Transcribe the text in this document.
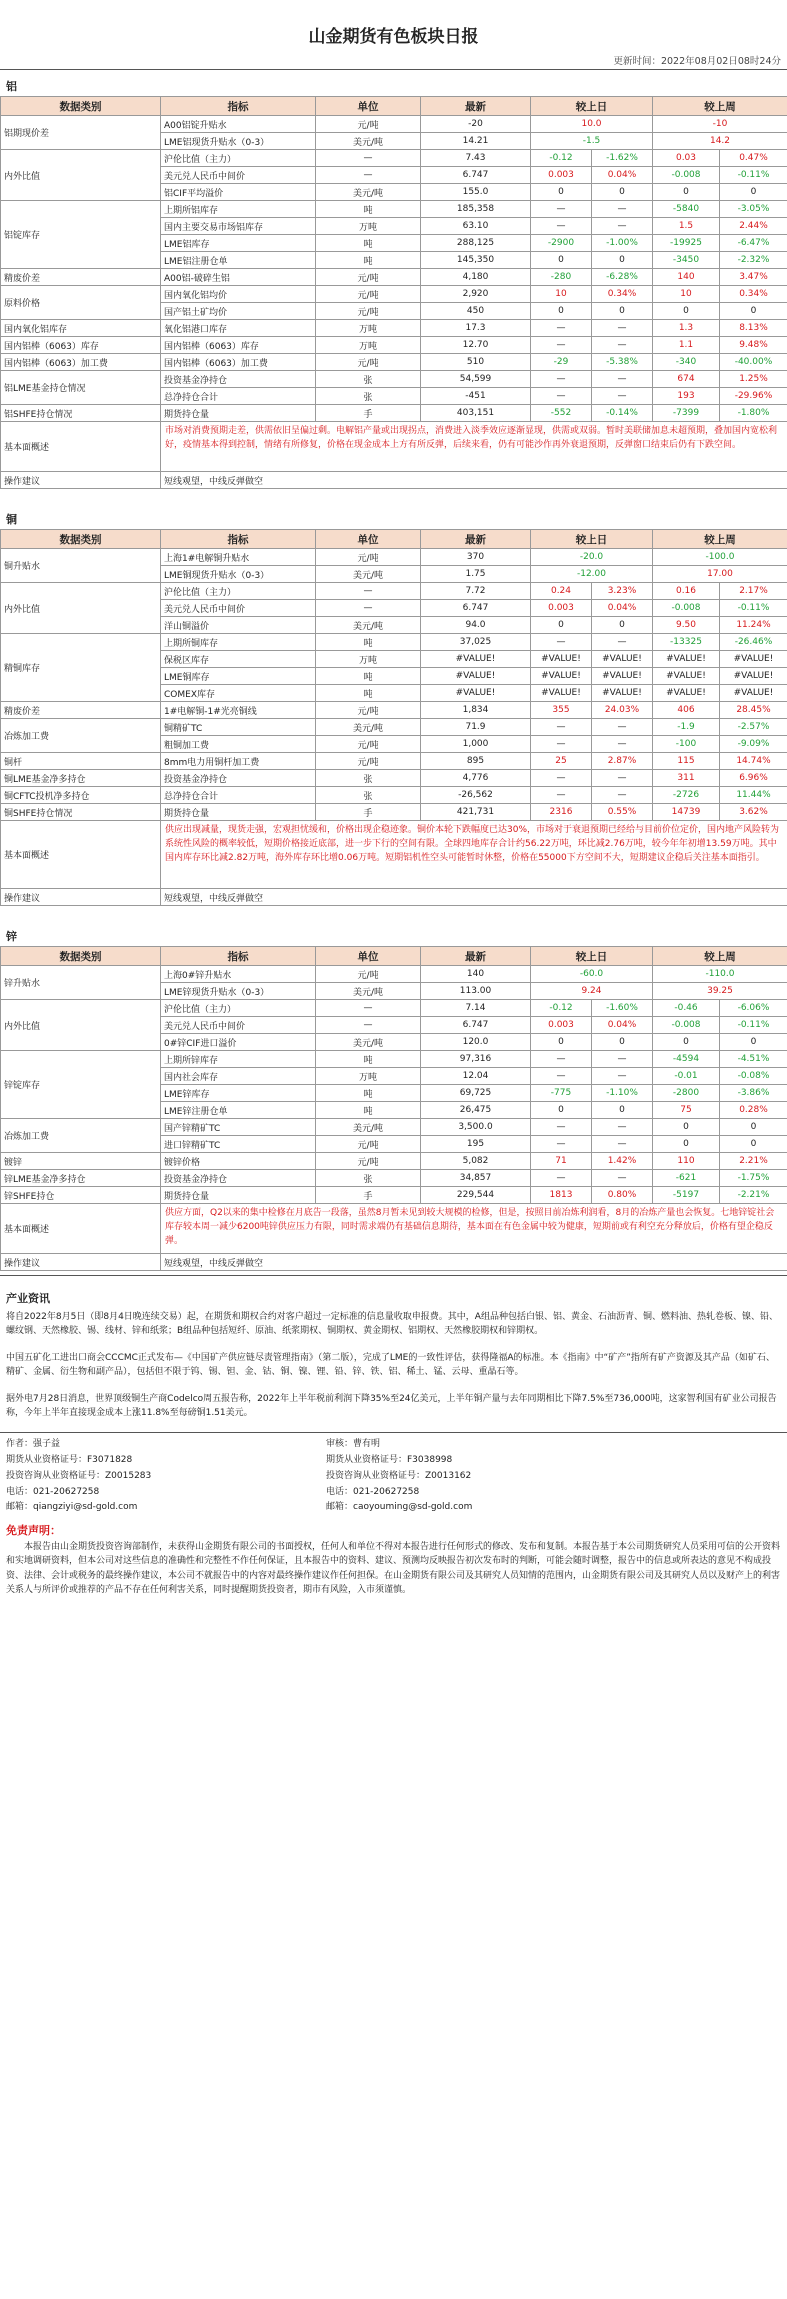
山金期货有色板块日报
更新时间：2022年08月02日08时24分
铝
数据类别	指标	单位	最新	较上日		较上周	
铝期现价差	A00铝锭升贴水	元/吨	-20	10.0		-10	
	LME铝现货升贴水（0-3）	美元/吨	14.21	-1.5		14.2	
内外比值	沪伦比值（主力）	—	7.43	-0.12	-1.62%	0.03	0.47%
	美元兑人民币中间价	—	6.747	0.003	0.04%	-0.008	-0.11%
	铝CIF平均溢价	美元/吨	155.0	0	0	0	0
铝锭库存	上期所铝库存	吨	185,358	—	—	-5840	-3.05%
	国内主要交易市场铝库存	万吨	63.10	—	—	1.5	2.44%
	LME铝库存	吨	288,125	-2900	-1.00%	-19925	-6.47%
	LME铝注册仓单	吨	145,350	0	0	-3450	-2.32%
精废价差	A00铝-破碎生铝	元/吨	4,180	-280	-6.28%	140	3.47%
原料价格	国内氧化铝均价	元/吨	2,920	10	0.34%	10	0.34%
	国产铝土矿均价	元/吨	450	0	0	0	0
国内氧化铝库存	氧化铝港口库存	万吨	17.3	—	—	1.3	8.13%
国内铝棒（6063）库存	国内铝棒（6063）库存	万吨	12.70	—	—	1.1	9.48%
国内铝棒（6063）加工费	国内铝棒（6063）加工费	元/吨	510	-29	-5.38%	-340	-40.00%
铝LME基金持仓情况	投资基金净持仓	张	54,599	—	—	674	1.25%
	总净持仓合计	张	-451	—	—	193	-29.96%
铝SHFE持仓情况	期货持仓量	手	403,151	-552	-0.14%	-7399	-1.80%
基本面概述	市场对消费预期走差，供需依旧呈偏过剩。电解铝产量或出现拐点，消费进入淡季效应逐渐显现，供需或双弱。暂时美联储加息未超预期，叠加国内宽松利好，疫情基本得到控制，情绪有所修复，价格在现金成本上方有所反弹，后续来看，仍有可能沙作再外衰退预期，反弹窗口结束后仍有下跌空间。						
操作建议	短线观望，中线反弹做空						
铜
数据类别	指标	单位	最新	较上日		较上周	
铜升贴水	上海1#电解铜升贴水	元/吨	370	-20.0		-100.0	
	LME铜现货升贴水（0-3）	美元/吨	1.75	-12.00		17.00	
内外比值	沪伦比值（主力）	—	7.72	0.24	3.23%	0.16	2.17%
	美元兑人民币中间价	—	6.747	0.003	0.04%	-0.008	-0.11%
	洋山铜溢价	美元/吨	94.0	0	0	9.50	11.24%
精铜库存	上期所铜库存	吨	37,025	—	—	-13325	-26.46%
	保税区库存	万吨	#VALUE!	#VALUE!	#VALUE!	#VALUE!	#VALUE!
	LME铜库存	吨	#VALUE!	#VALUE!	#VALUE!	#VALUE!	#VALUE!
	COMEX库存	吨	#VALUE!	#VALUE!	#VALUE!	#VALUE!	#VALUE!
精废价差	1#电解铜-1#光亮铜线	元/吨	1,834	355	24.03%	406	28.45%
冶炼加工费	铜精矿TC	美元/吨	71.9	—	—	-1.9	-2.57%
	粗铜加工费	元/吨	1,000	—	—	-100	-9.09%
铜杆	8mm电力用铜杆加工费	元/吨	895	25	2.87%	115	14.74%
铜LME基金净多持仓	投资基金净持仓	张	4,776	—	—	311	6.96%
铜CFTC投机净多持仓	总净持仓合计	张	-26,562	—	—	-2726	11.44%
铜SHFE持仓情况	期货持仓量	手	421,731	2316	0.55%	14739	3.62%
基本面概述	供应出现减量，现货走强，宏观担忧缓和，价格出现企稳迹象。铜价本轮下跌幅度已达30%，市场对于衰退预期已经给与目前价位定价，国内地产风险转为系统性风险的概率较低，短期价格接近底部，进一步下行的空间有限。全球四地库存合计约56.22万吨，环比减2.76万吨，较今年年初增13.59万吨。其中国内库存环比减2.82万吨，海外库存环比增0.06万吨。短期铝机性空头可能暂时休整，价格在55000下方空间不大，短期建议企稳后关注基本面指引。						
操作建议	短线观望，中线反弹做空						
锌
数据类别	指标	单位	最新	较上日		较上周	
锌升贴水	上海0#锌升贴水	元/吨	140	-60.0		-110.0	
	LME锌现货升贴水（0-3）	美元/吨	113.00	9.24		39.25	
内外比值	沪伦比值（主力）	—	7.14	-0.12	-1.60%	-0.46	-6.06%
	美元兑人民币中间价	—	6.747	0.003	0.04%	-0.008	-0.11%
	0#锌CIF进口溢价	美元/吨	120.0	0	0	0	0
锌锭库存	上期所锌库存	吨	97,316	—	—	-4594	-4.51%
	国内社会库存	万吨	12.04	—	—	-0.01	-0.08%
	LME锌库存	吨	69,725	-775	-1.10%	-2800	-3.86%
	LME锌注册仓单	吨	26,475	0	0	75	0.28%
冶炼加工费	国产锌精矿TC	美元/吨	3,500.0	—	—	0	0
	进口锌精矿TC	元/吨	195	—	—	0	0
镀锌	镀锌价格	元/吨	5,082	71	1.42%	110	2.21%
锌LME基金净多持仓	投资基金净持仓	张	34,857	—	—	-621	-1.75%
锌SHFE持仓	期货持仓量	手	229,544	1813	0.80%	-5197	-2.21%
基本面概述	供应方面，Q2以来的集中检修在月底告一段落，虽然8月暂未见到较大规模的检修，但是，按照目前冶炼利润看，8月的冶炼产量也会恢复。七地锌锭社会库存较本周一减少6200吨锌供应压力有限，同时需求端仍有基础信息期待，基本面在有色金属中较为健康，短期前或有利空充分释放后，价格有望企稳反弹。						
操作建议	短线观望，中线反弹做空						
产业资讯
将自2022年8月5日（即8月4日晚连续交易）起，在期货和期权合约对客户超过一定标准的信息量收取申报费。其中，A组品种包括白银、铝、黄金、石油沥青、铜、燃料油、热轧卷板、镍、铅、螺纹钢、天然橡胶、锡、线材、锌和纸浆；B组品种包括短纤、原油、纸浆期权、铜期权、黄金期权、铝期权、天然橡胶期权和锌期权。
中国五矿化工进出口商会CCCMC正式发布—《中国矿产供应链尽责管理指南》（第二版），完成了LME的一致性评估，获得隆福A的标准。本《指南》中“矿产”指所有矿产资源及其产品（如矿石、精矿、金属、衍生物和副产品），包括但不限于钨、锡、钽、金、钴、铜、镍、锂、铅、锌、铁、铝、稀土、锰、云母、重晶石等。
据外电7月28日消息，世界顶级铜生产商Codelco周五报告称，2022年上半年税前利润下降35%至24亿美元，上半年铜产量与去年同期相比下降7.5%至736,000吨，这家智利国有矿业公司报告称，今年上半年直接现金成本上涨11.8%至每磅铜1.51美元。
作者：强子益
期货从业资格证号：F3071828
投资咨询从业资格证号：Z0015283
电话：021-20627258
邮箱：qiangziyi@sd-gold.com
审核：曹有明
期货从业资格证号：F3038998
投资咨询从业资格证号：Z0013162
电话：021-20627258
邮箱：caoyouming@sd-gold.com
免责声明：
本报告由山金期货投资咨询部制作，未获得山金期货有限公司的书面授权，任何人和单位不得对本报告进行任何形式的修改、发布和复制。本报告基于本公司期货研究人员采用可信的公开资料和实地调研资料，但本公司对这些信息的准确性和完整性不作任何保证，且本报告中的资料、建议、预测均反映报告初次发布时的判断，可能会随时调整，报告中的信息或所表达的意见不构成投资、法律、会计或税务的最终操作建议，本公司不就报告中的内容对最终操作建议作任何担保。在山金期货有限公司及其研究人员知情的范围内，山金期货有限公司及其研究人员以及财产上的利害关系人与所评价或推荐的产品不存在任何利害关系，同时提醒期货投资者，期市有风险，入市须谨慎。
